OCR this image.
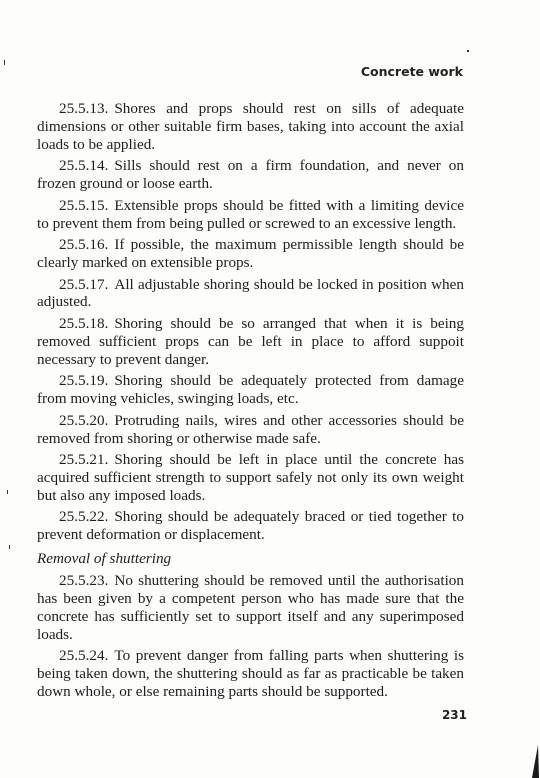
Concrete work

25.5.13. Shores and props should rest on sills of adequate dimensions or other suitable firm bases, taking into account the axial loads to be applied.

25.5.14. Sills should rest on a firm foundation, and never on frozen ground or loose earth.

25.5.15. Extensible props should be fitted with a limiting device to prevent them from being pulled or screwed to an excessive length.

25.5.16. If possible, the maximum permissible length should be clearly marked on extensible props.

25.5.17. All adjustable shoring should be locked in position when adjusted.

25.5.18. Shoring should be so arranged that when it is being removed sufficient props can be left in place to afford suppoit necessary to prevent danger.

25.5.19. Shoring should be adequately protected from damage from moving vehicles, swinging loads, etc.

25.5.20. Protruding nails, wires and other accessories should be removed from shoring or otherwise made safe.

25.5.21. Shoring should be left in place until the concrete has acquired sufficient strength to support safely not only its own weight but also any imposed loads.

25.5.22. Shoring should be adequately braced or tied together to prevent deformation or displacement.

Removal of shuttering

25.5.23. No shuttering should be removed until the authorisation has been given by a competent person who has made sure that the concrete has sufficiently set to support itself and any superimposed loads.

25.5.24. To prevent danger from falling parts when shuttering is being taken down, the shuttering should as far as practicable be taken down whole, or else remaining parts should be supported.

231
